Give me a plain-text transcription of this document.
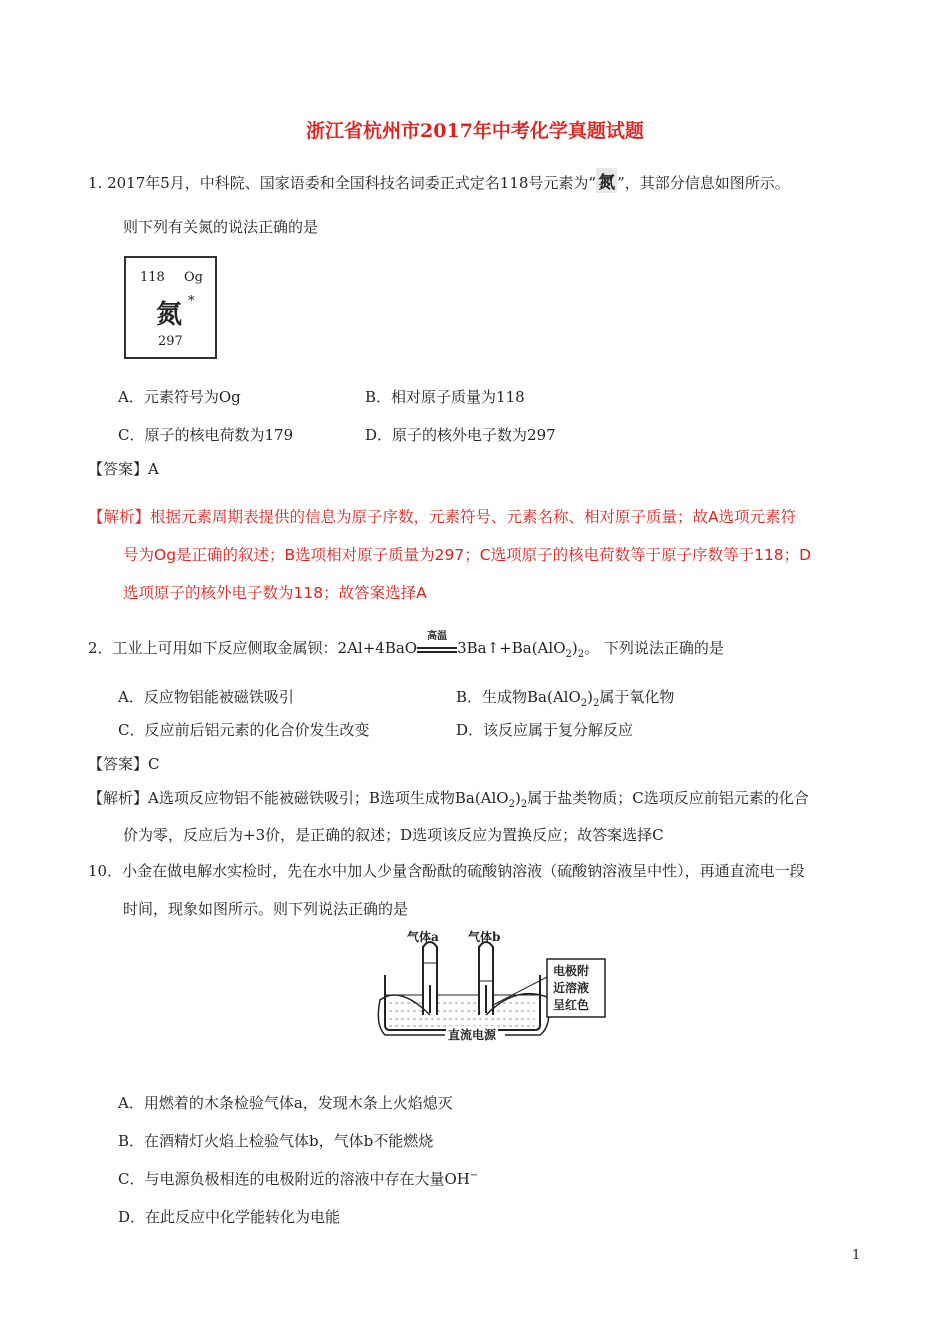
浙江省杭州市2017年中考化学真题试题
1. 2017年5月，中科院、国家语委和全国科技名词委正式定名118号元素为“ 氮 ”，其部分信息如图所示。
则下列有关氮的说法正确的是
118 Og
氮 *
297
A．元素符号为Og	B．相对原子质量为118
C．原子的核电荷数为179	D．原子的核外电子数为297
【答案】A
【解析】根据元素周期表提供的信息为原子序数，元素符号、元素名称、相对原子质量；故A选项元素符
号为Og是正确的叙述；B选项相对原子质量为297；C选项原子的核电荷数等于原子序数等于118；D
选项原子的核外电子数为118；故答案选择A
2．工业上可用如下反应侧取金属钡：2Al+4BaO
高温
$3Ba↑+Ba(AlO_2)_2$。 下列说法正确的是
A．反应物铝能被磁铁吸引	B．生成物$Ba(AlO_2)_2$属于氧化物
C．反应前后铝元素的化合价发生改变	D．该反应属于复分解反应
【答案】C
【解析】A选项反应物铝不能被磁铁吸引；B选项生成物$Ba(AlO_2)_2$属于盐类物质；C选项反应前铝元素的化合
价为零，反应后为+3价，是正确的叙述；D选项该反应为置换反应；故答案选择C
10．小金在做电解水实检时，先在水中加人少量含酚酞的硫酸钠溶液（硫酸钠溶液呈中性），再通直流电一段
时间，现象如图所示。则下列说法正确的是
气体a 气体b
电极附
近溶液
呈红色
直流电源
A．用燃着的木条检验气体a，发现木条上火焰熄灭
B．在酒精灯火焰上检验气体b，气体b不能燃烧
C．与电源负极相连的电极附近的溶液中存在大量OH−
D．在此反应中化学能转化为电能
1
